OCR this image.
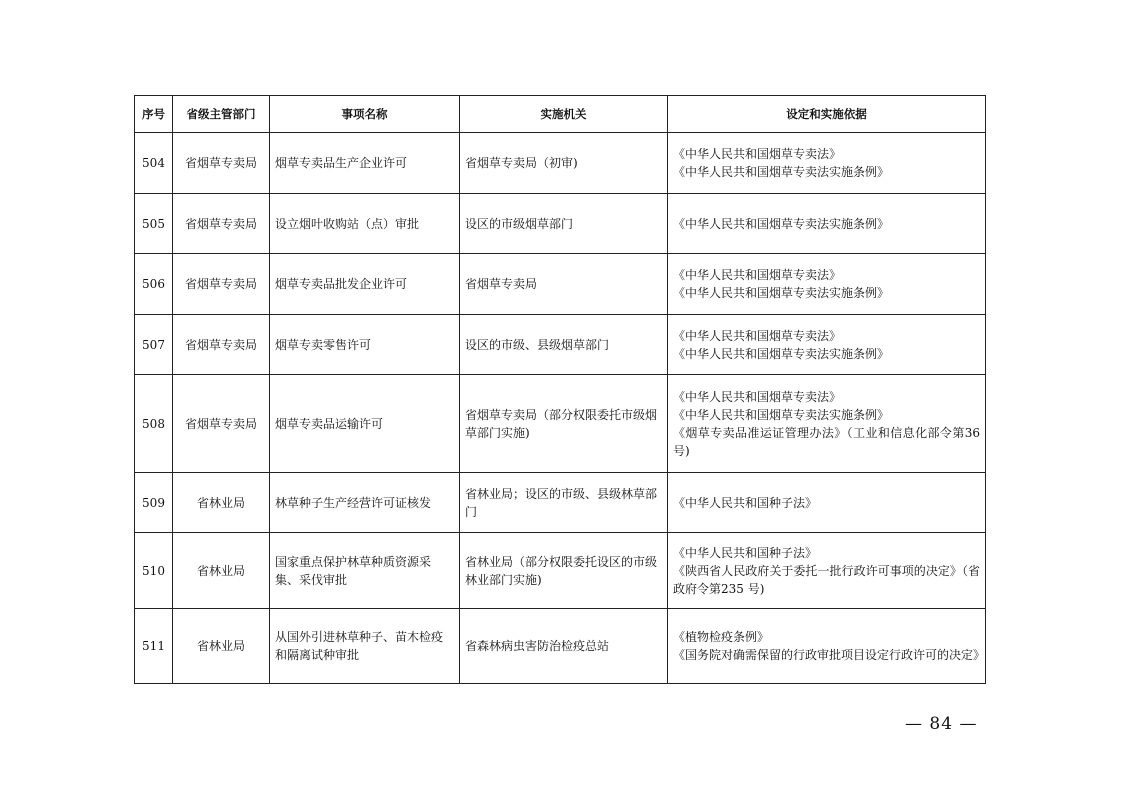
序号	省级主管部门	事项名称	实施机关	设定和实施依据
504	省烟草专卖局	烟草专卖品生产企业许可	省烟草专卖局（初审)	《中华人民共和国烟草专卖法》
《中华人民共和国烟草专卖法实施条例》

505	省烟草专卖局	设立烟叶收购站（点）审批	设区的市级烟草部门	《中华人民共和国烟草专卖法实施条例》

506	省烟草专卖局	烟草专卖品批发企业许可	省烟草专卖局	《中华人民共和国烟草专卖法》
《中华人民共和国烟草专卖法实施条例》

507	省烟草专卖局	烟草专卖零售许可	设区的市级、县级烟草部门	《中华人民共和国烟草专卖法》
《中华人民共和国烟草专卖法实施条例》

508	省烟草专卖局	烟草专卖品运输许可	省烟草专卖局（部分权限委托市级烟草部门实施)	《中华人民共和国烟草专卖法》
《中华人民共和国烟草专卖法实施条例》
《烟草专卖品准运证管理办法》（工业和信息化部令第36 号)

509	省林业局	林草种子生产经营许可证核发	省林业局；设区的市级、县级林草部门	《中华人民共和国种子法》

510	省林业局	国家重点保护林草种质资源采集、采伐审批	省林业局（部分权限委托设区的市级林业部门实施)	《中华人民共和国种子法》
《陕西省人民政府关于委托一批行政许可事项的决定》（省政府令第235 号)

511	省林业局	从国外引进林草种子、苗木检疫和隔离试种审批	省森林病虫害防治检疫总站	《植物检疫条例》
《国务院对确需保留的行政审批项目设定行政许可的决定》
— 84 —
